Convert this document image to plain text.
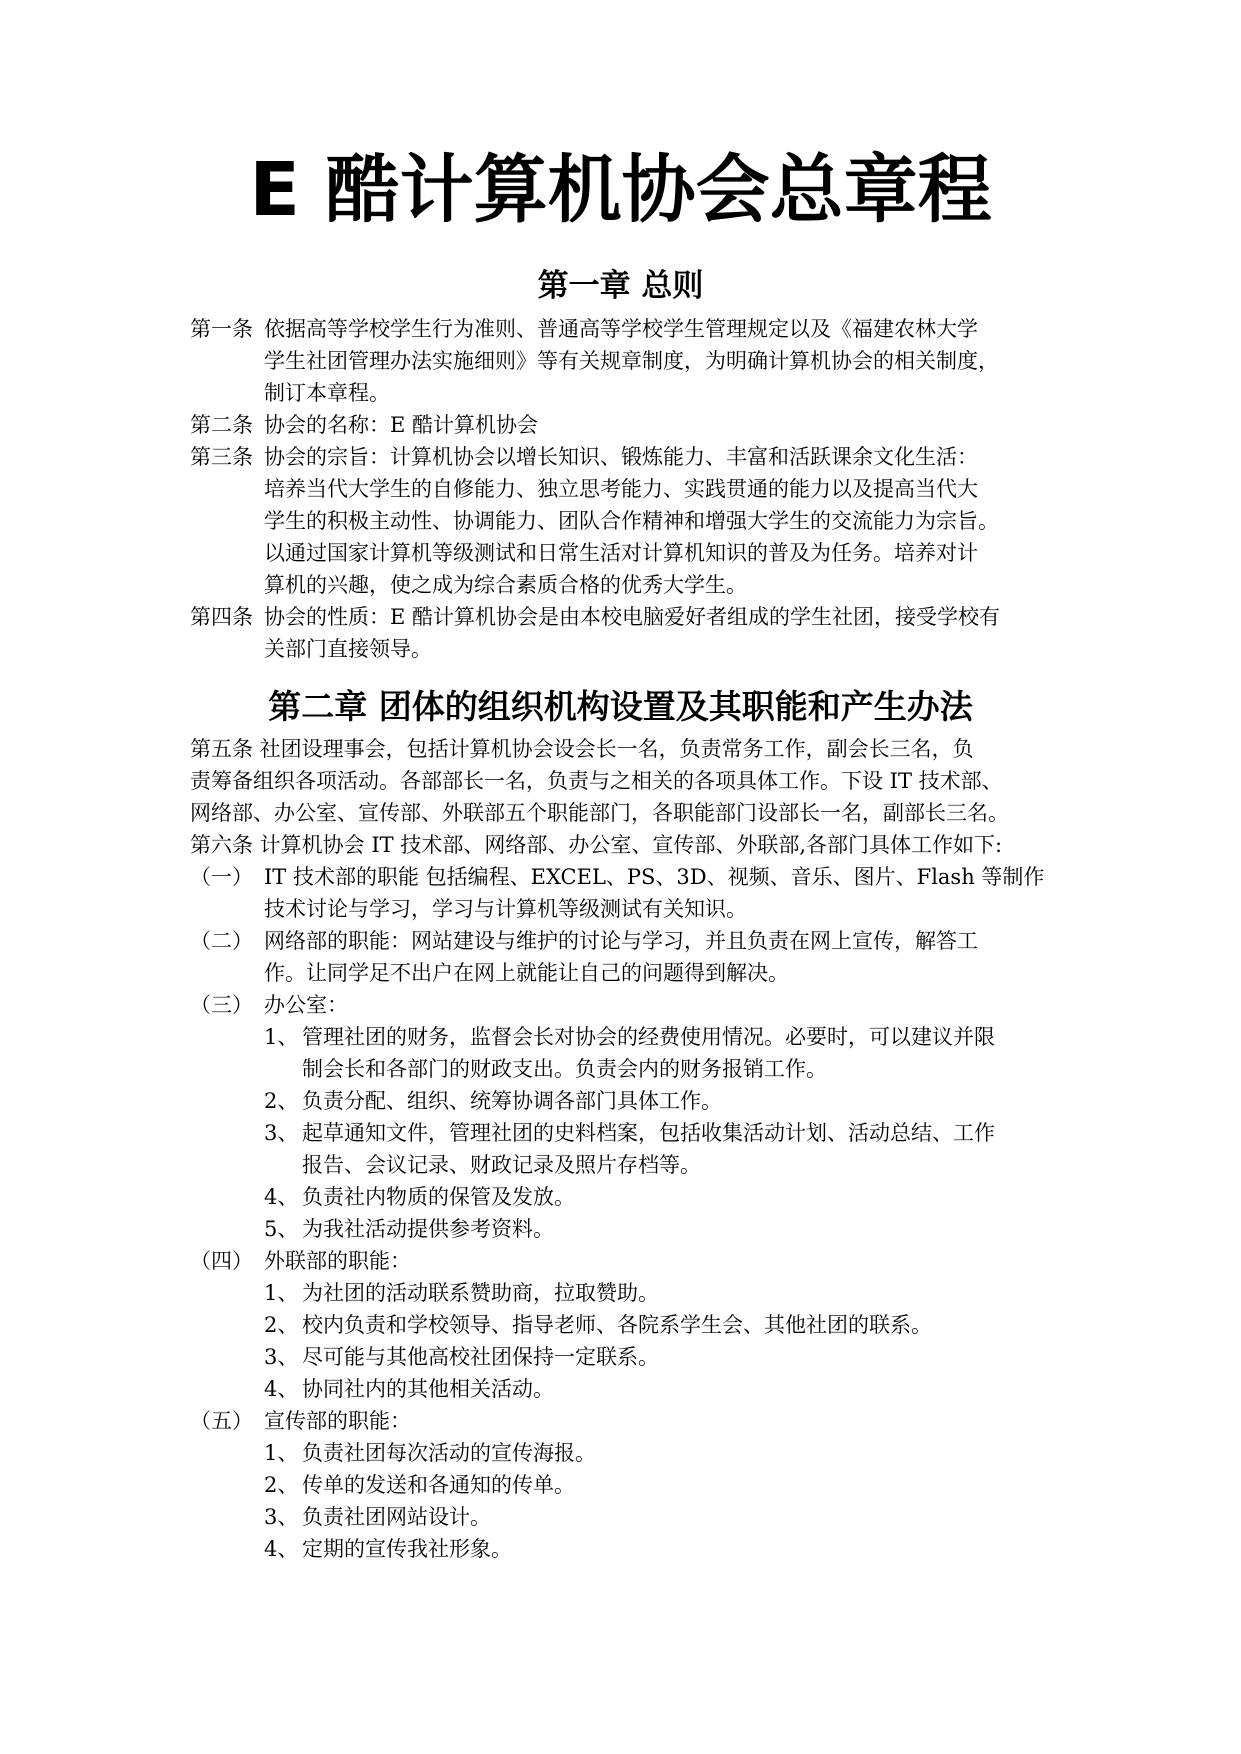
E 酷计算机协会总章程
第一章 总则
第一条 依据高等学校学生行为准则、普通高等学校学生管理规定以及《福建农林大学
学生社团管理办法实施细则》等有关规章制度，为明确计算机协会的相关制度，
制订本章程。
第二条 协会的名称：E 酷计算机协会
第三条 协会的宗旨：计算机协会以增长知识、锻炼能力、丰富和活跃课余文化生活：
培养当代大学生的自修能力、独立思考能力、实践贯通的能力以及提高当代大
学生的积极主动性、协调能力、团队合作精神和增强大学生的交流能力为宗旨。
以通过国家计算机等级测试和日常生活对计算机知识的普及为任务。培养对计
算机的兴趣，使之成为综合素质合格的优秀大学生。
第四条 协会的性质：E 酷计算机协会是由本校电脑爱好者组成的学生社团，接受学校有
关部门直接领导。
第二章 团体的组织机构设置及其职能和产生办法
第五条 社团设理事会，包括计算机协会设会长一名，负责常务工作，副会长三名，负
责筹备组织各项活动。各部部长一名，负责与之相关的各项具体工作。下设 IT 技术部、
网络部、办公室、宣传部、外联部五个职能部门，各职能部门设部长一名，副部长三名。
第六条 计算机协会 IT 技术部、网络部、办公室、宣传部、外联部,各部门具体工作如下:
（一） IT 技术部的职能 包括编程、EXCEL、PS、3D、视频、音乐、图片、Flash 等制作
技术讨论与学习，学习与计算机等级测试有关知识。
（二） 网络部的职能：网站建设与维护的讨论与学习，并且负责在网上宣传，解答工
作。让同学足不出户在网上就能让自己的问题得到解决。
（三） 办公室：
1、 管理社团的财务，监督会长对协会的经费使用情况。必要时，可以建议并限
制会长和各部门的财政支出。负责会内的财务报销工作。
2、 负责分配、组织、统筹协调各部门具体工作。
3、 起草通知文件，管理社团的史料档案，包括收集活动计划、活动总结、工作
报告、会议记录、财政记录及照片存档等。
4、 负责社内物质的保管及发放。
5、 为我社活动提供参考资料。
（四） 外联部的职能：
1、 为社团的活动联系赞助商，拉取赞助。
2、 校内负责和学校领导、指导老师、各院系学生会、其他社团的联系。
3、 尽可能与其他高校社团保持一定联系。
4、 协同社内的其他相关活动。
（五） 宣传部的职能：
1、 负责社团每次活动的宣传海报。
2、 传单的发送和各通知的传单。
3、 负责社团网站设计。
4、 定期的宣传我社形象。
